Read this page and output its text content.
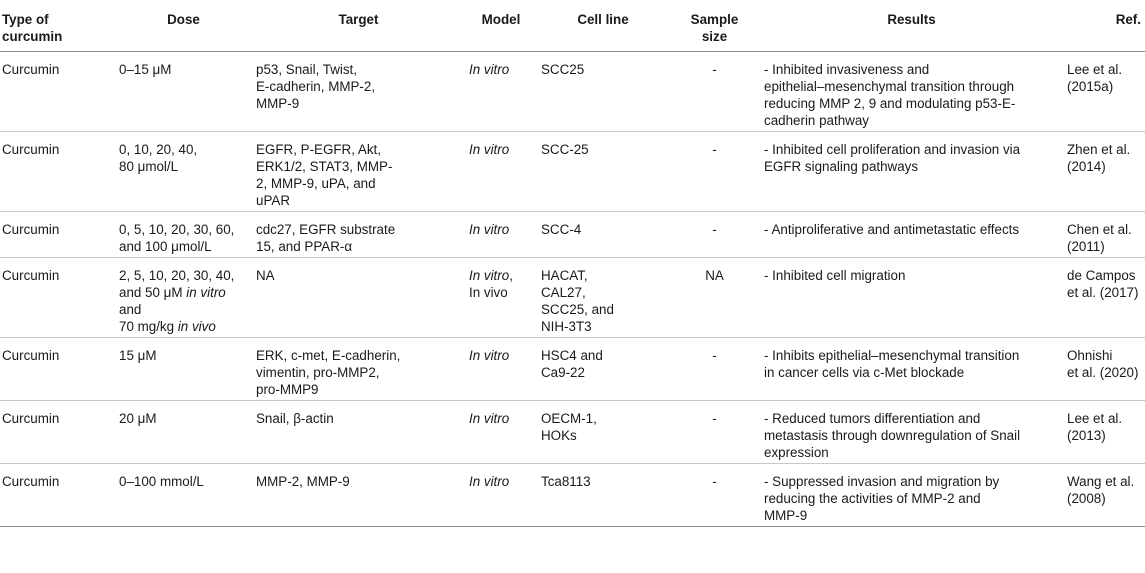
Type of
curcumin	Dose	Target	Model	Cell line	Sample
size	Results	Ref.
Curcumin	0–15 μM	p53, Snail, Twist,
E-cadherin, MMP-2,
MMP-9	In vitro	SCC25	-	- Inhibited invasiveness and
epithelial–mesenchymal transition through
reducing MMP 2, 9 and modulating p53-E-
cadherin pathway	Lee et al.
(2015a)

Curcumin	0, 10, 20, 40,
80 μmol/L	EGFR, P-EGFR, Akt,
ERK1/2, STAT3, MMP-
2, MMP-9, uPA, and
uPAR	In vitro	SCC-25	-	- Inhibited cell proliferation and invasion via
EGFR signaling pathways	Zhen et al.
(2014)

Curcumin	0, 5, 10, 20, 30, 60,
and 100 μmol/L	cdc27, EGFR substrate
15, and PPAR-α	In vitro	SCC-4	-	- Antiproliferative and antimetastatic effects	Chen et al.
(2011)

Curcumin	2, 5, 10, 20, 30, 40,
and 50 μM in vitro and
70 mg/kg in vivo	NA	In vitro,
In vivo	HACAT,
CAL27,
SCC25, and
NIH-3T3	NA	- Inhibited cell migration	de Campos
et al. (2017)

Curcumin	15 μM	ERK, c-met, E-cadherin,
vimentin, pro-MMP2,
pro-MMP9	In vitro	HSC4 and
Ca9-22	-	- Inhibits epithelial–mesenchymal transition
in cancer cells via c-Met blockade	Ohnishi
et al. (2020)

Curcumin	20 μM	Snail, β-actin	In vitro	OECM-1,
HOKs	-	- Reduced tumors differentiation and
metastasis through downregulation of Snail
expression	Lee et al.
(2013)

Curcumin	0–100 mmol/L	MMP-2, MMP-9	In vitro	Tca8113	-	- Suppressed invasion and migration by
reducing the activities of MMP-2 and
MMP-9	Wang et al.
(2008)
